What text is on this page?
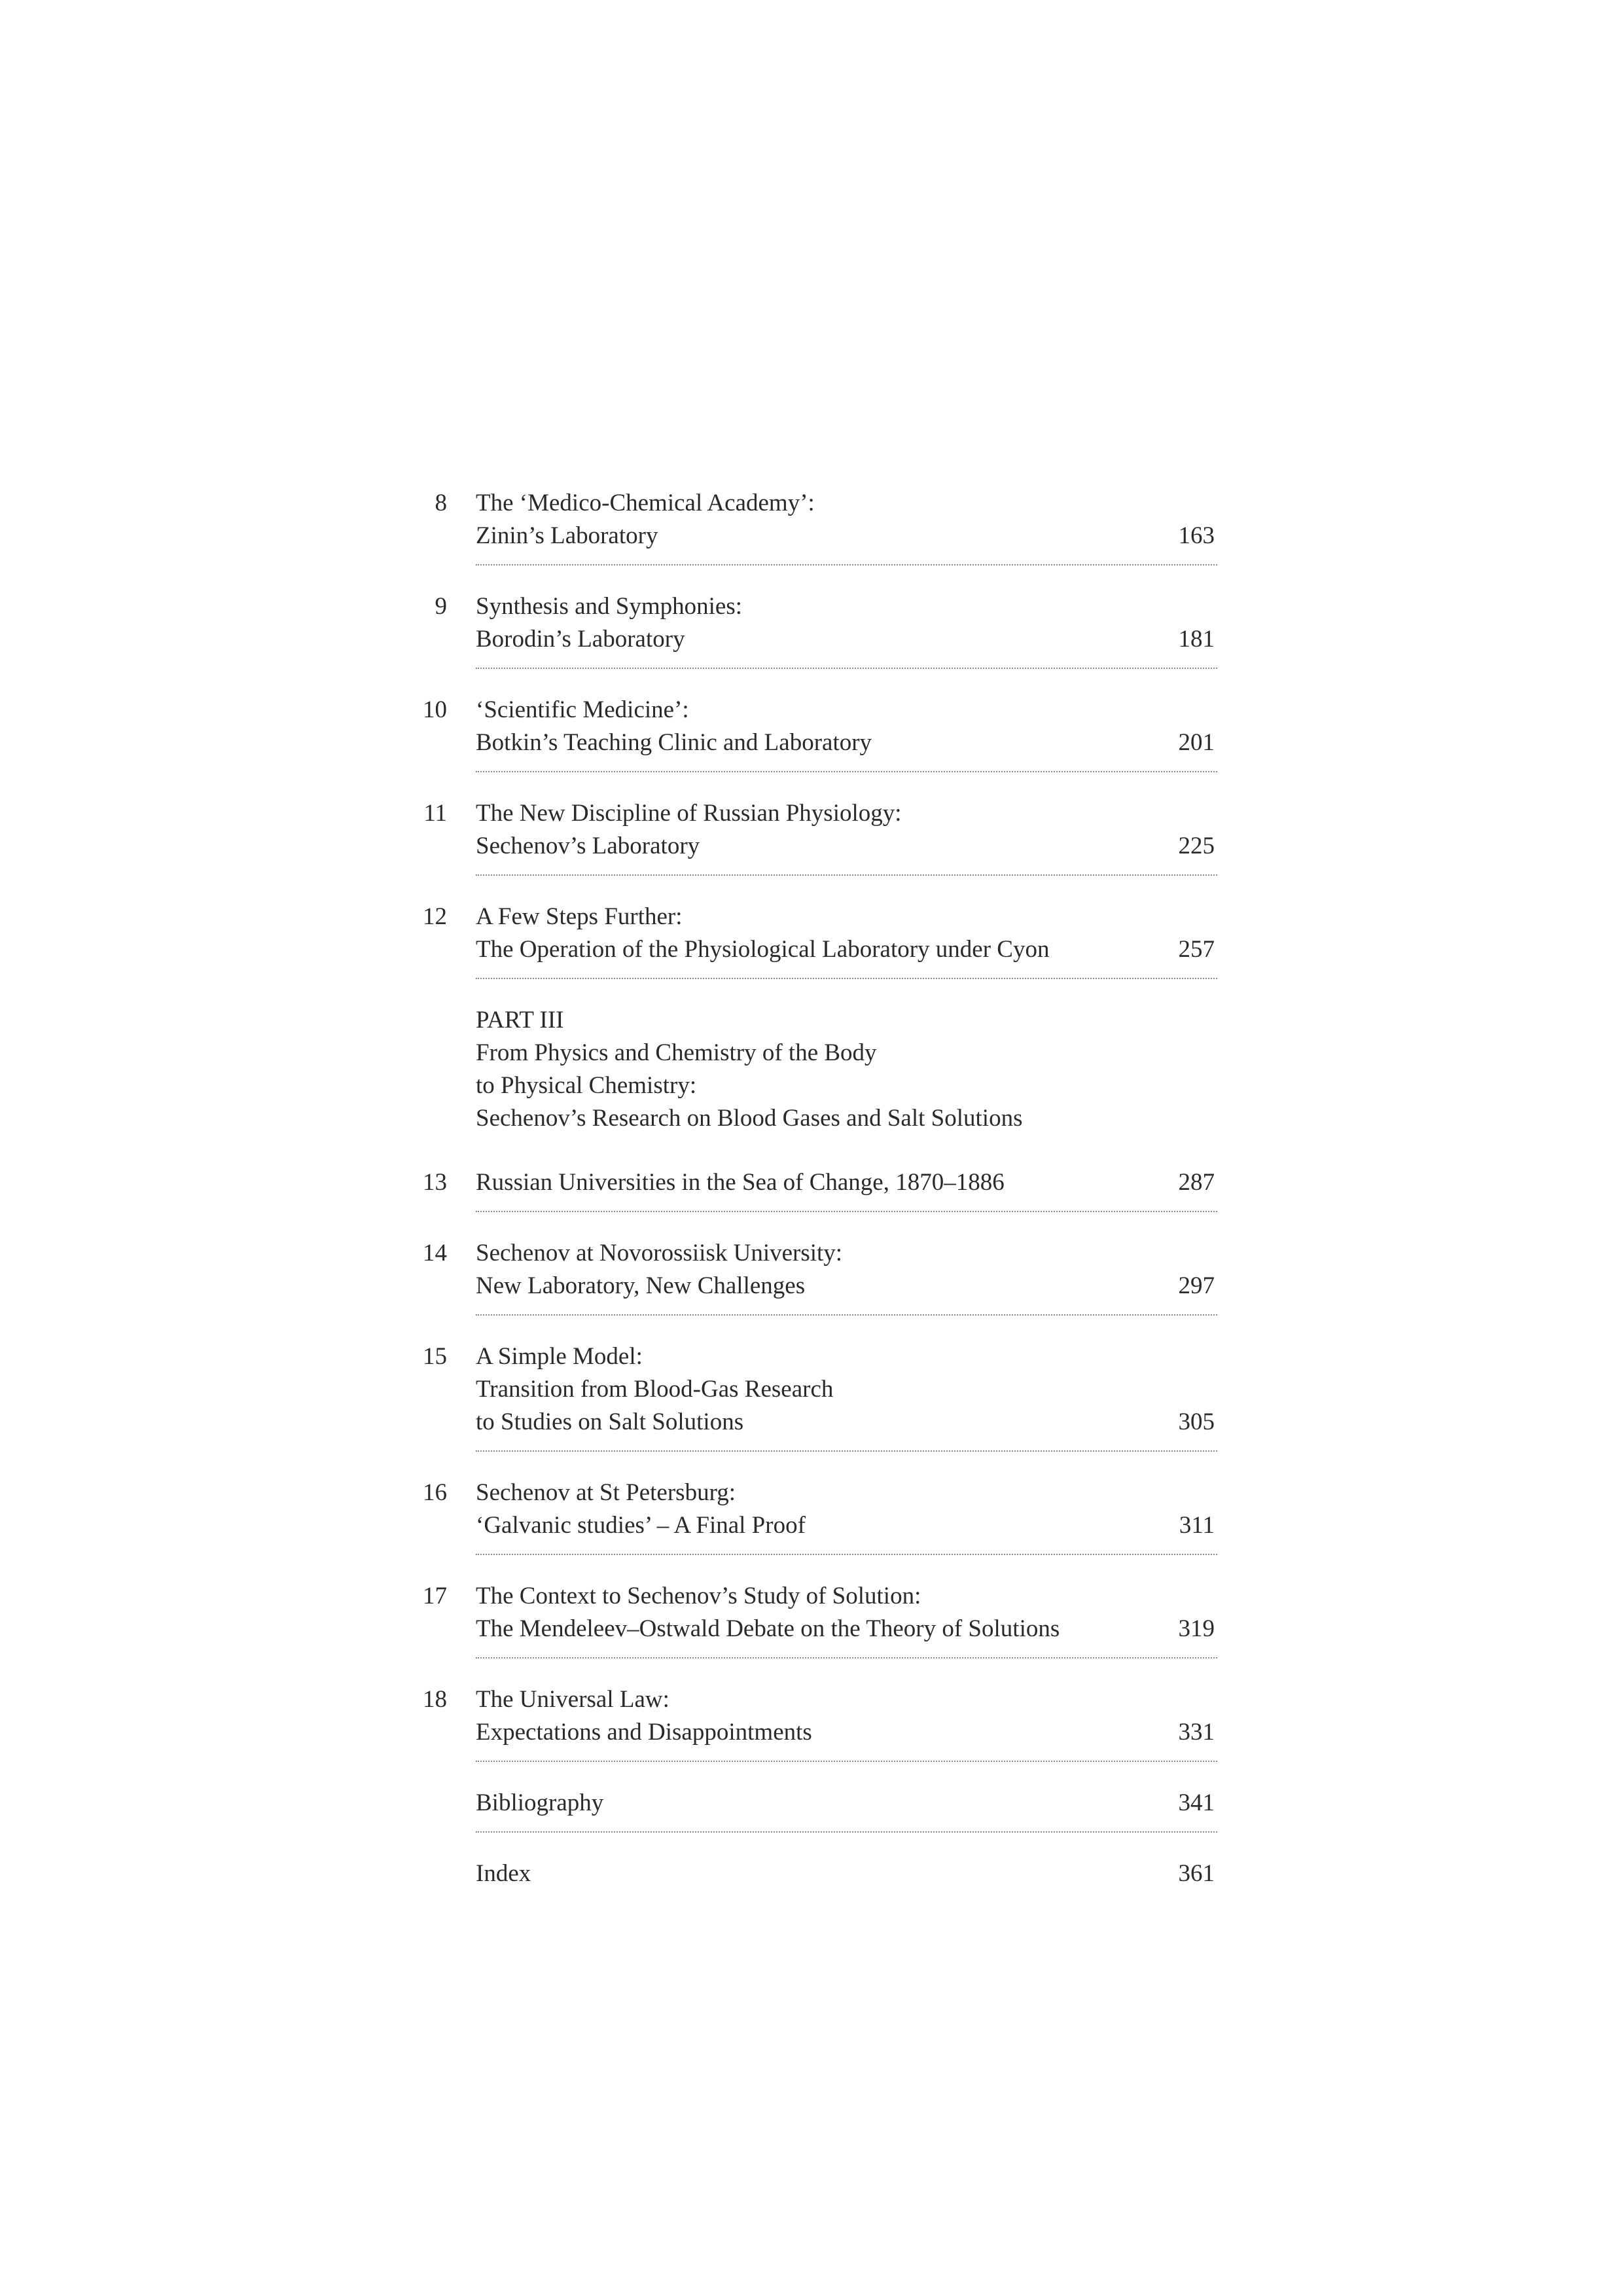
8 The ‘Medico-Chemical Academy’:
Zinin’s Laboratory	163
9 Synthesis and Symphonies:
Borodin’s Laboratory	181
10 ‘Scientific Medicine’:
Botkin’s Teaching Clinic and Laboratory	201
11 The New Discipline of Russian Physiology:
Sechenov’s Laboratory	225
12 A Few Steps Further:
The Operation of the Physiological Laboratory under Cyon	257
PART III
From Physics and Chemistry of the Body
to Physical Chemistry:
Sechenov’s Research on Blood Gases and Salt Solutions
13 Russian Universities in the Sea of Change, 1870–1886	287
14 Sechenov at Novorossiisk University:
New Laboratory, New Challenges	297
15 A Simple Model:
Transition from Blood-Gas Research
to Studies on Salt Solutions	305
16 Sechenov at St Petersburg:
‘Galvanic studies’ – A Final Proof	311
17 The Context to Sechenov’s Study of Solution:
The Mendeleev–Ostwald Debate on the Theory of Solutions	319
18 The Universal Law:
Expectations and Disappointments	331
Bibliography	341
Index	361
